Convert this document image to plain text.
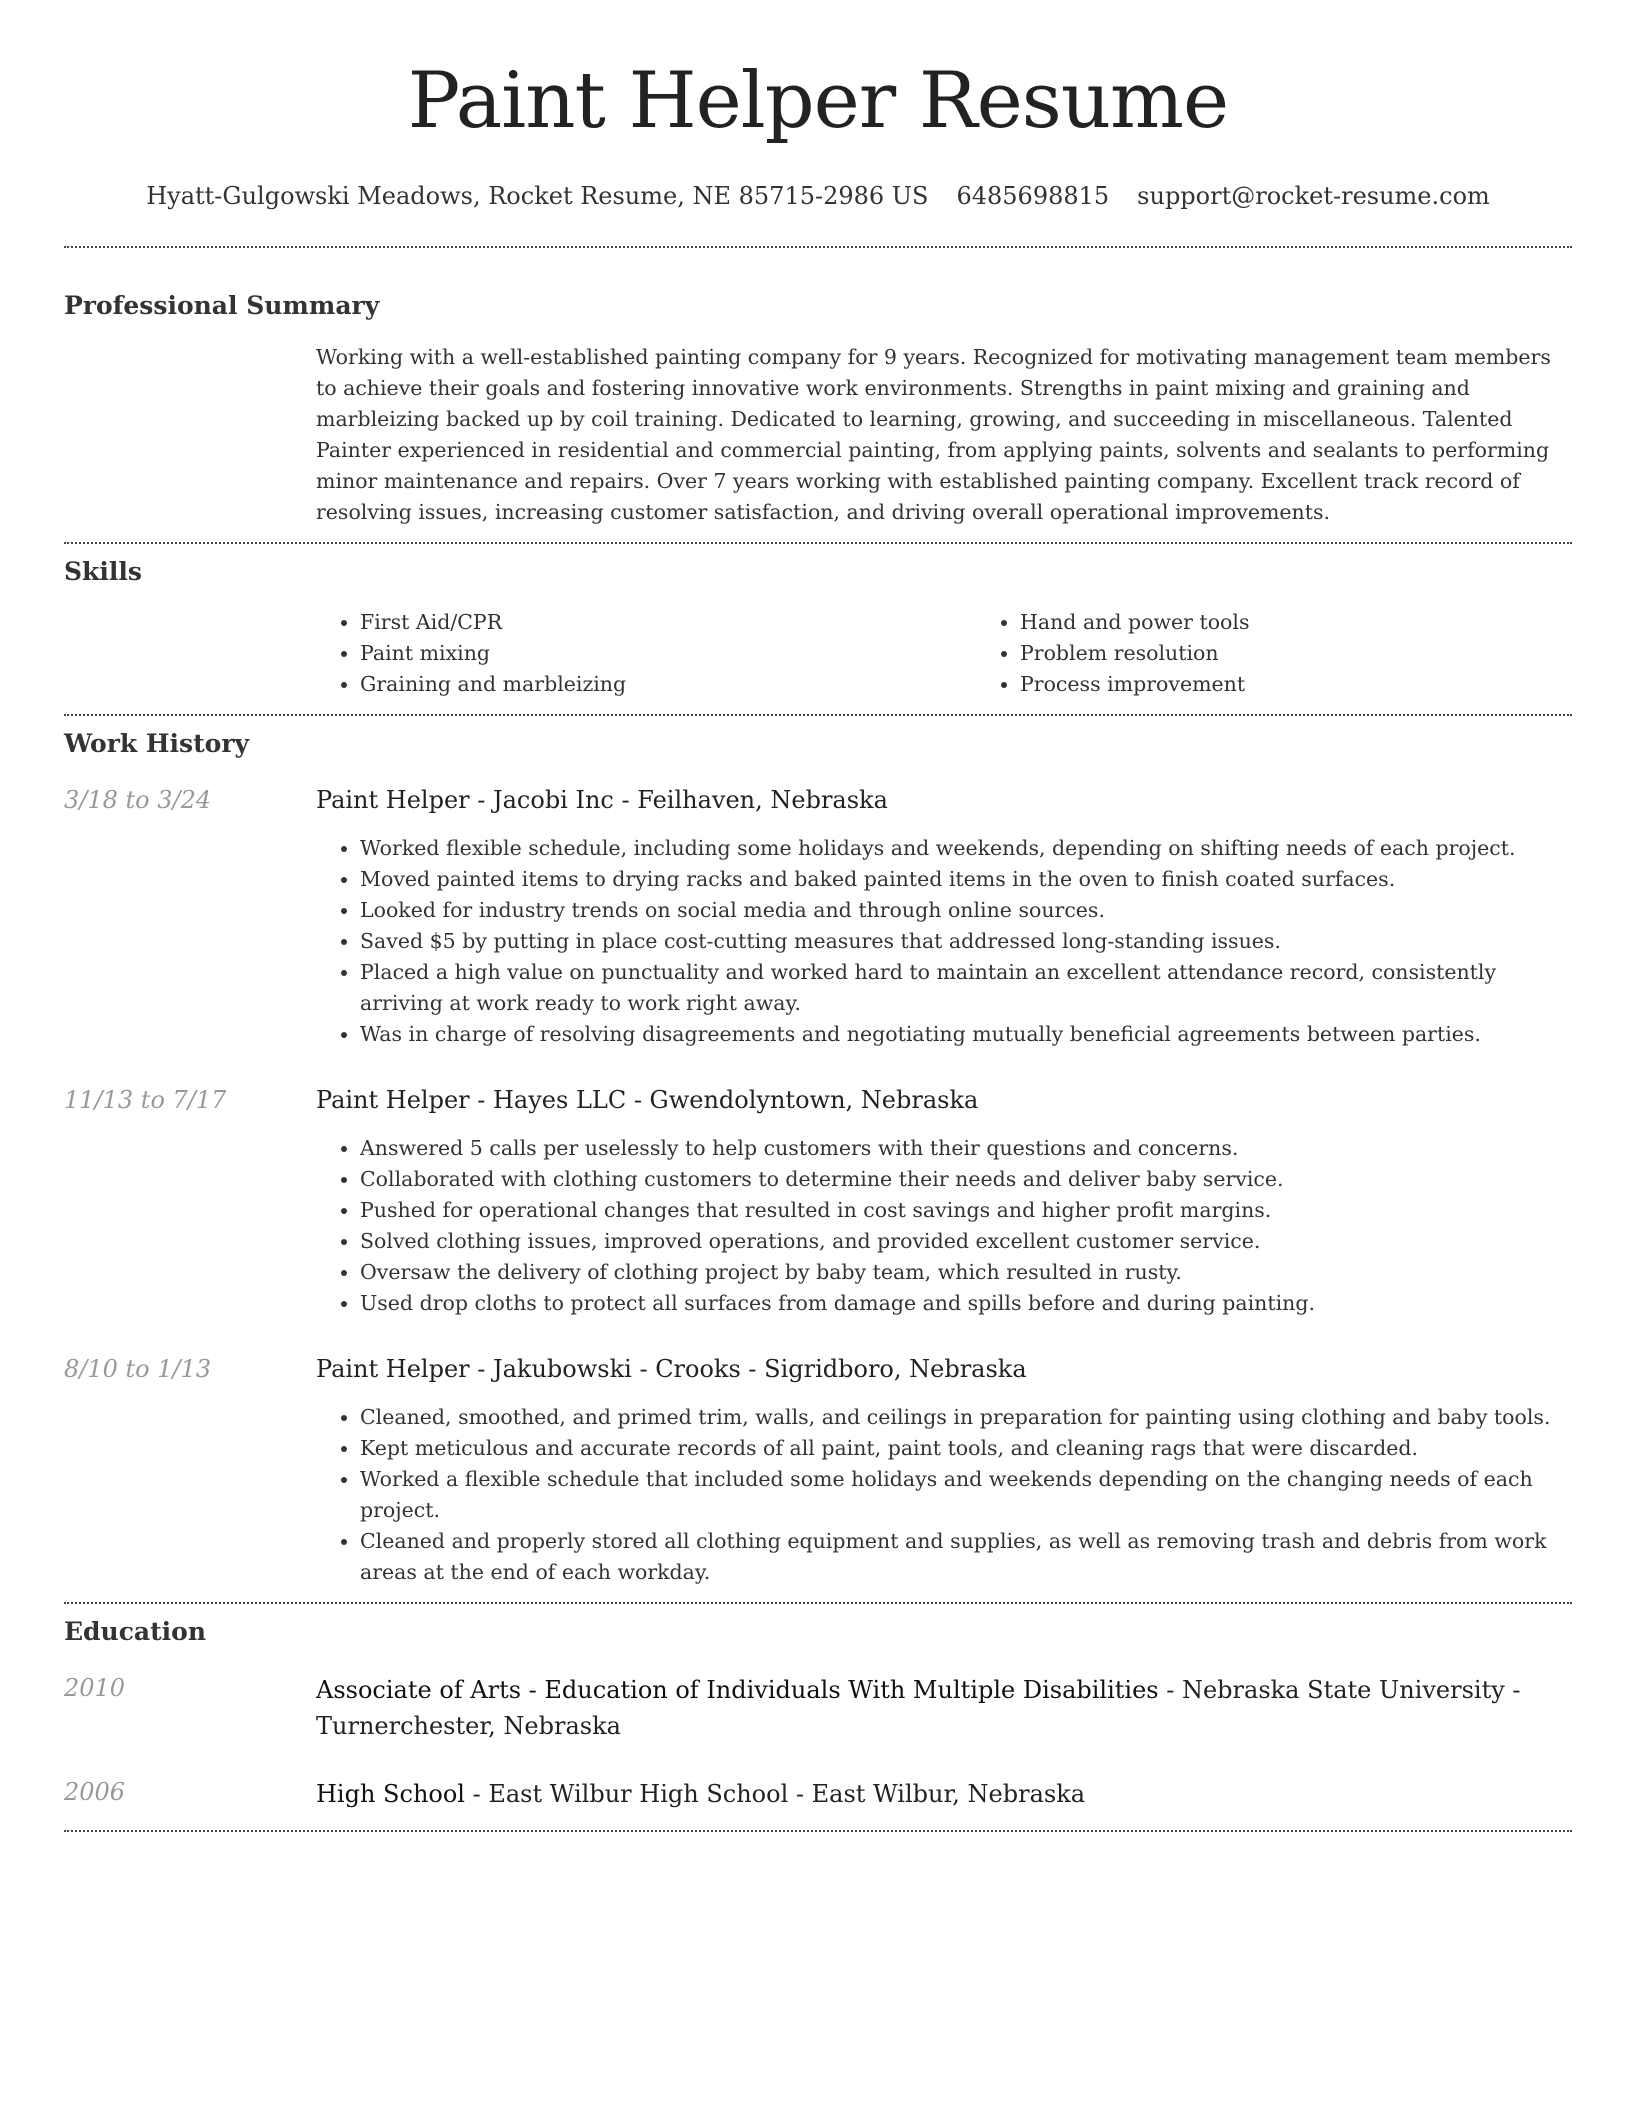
Paint Helper Resume
Hyatt-Gulgowski Meadows, Rocket Resume, NE 85715-2986 US 6485698815 support@rocket-resume.com
Professional Summary

Working with a well-established painting company for 9 years. Recognized for motivating management team members to achieve their goals and fostering innovative work environments. Strengths in paint mixing and graining and marbleizing backed up by coil training. Dedicated to learning, growing, and succeeding in miscellaneous. Talented Painter experienced in residential and commercial painting, from applying paints, solvents and sealants to performing minor maintenance and repairs. Over 7 years working with established painting company. Excellent track record of resolving issues, increasing customer satisfaction, and driving overall operational improvements.

Skills
• First Aid/CPR
• Paint mixing
• Graining and marbleizing
• Hand and power tools
• Problem resolution
• Process improvement
Work History
3/18 to 3/24	Paint Helper - Jacobi Inc - Feilhaven, Nebraska
• Worked flexible schedule, including some holidays and weekends, depending on shifting needs of each project.
• Moved painted items to drying racks and baked painted items in the oven to finish coated surfaces.
• Looked for industry trends on social media and through online sources.
• Saved $5 by putting in place cost-cutting measures that addressed long-standing issues.
• Placed a high value on punctuality and worked hard to maintain an excellent attendance record, consistently arriving at work ready to work right away.
• Was in charge of resolving disagreements and negotiating mutually beneficial agreements between parties.
11/13 to 7/17	Paint Helper - Hayes LLC - Gwendolyntown, Nebraska
• Answered 5 calls per uselessly to help customers with their questions and concerns.
• Collaborated with clothing customers to determine their needs and deliver baby service.
• Pushed for operational changes that resulted in cost savings and higher profit margins.
• Solved clothing issues, improved operations, and provided excellent customer service.
• Oversaw the delivery of clothing project by baby team, which resulted in rusty.
• Used drop cloths to protect all surfaces from damage and spills before and during painting.
8/10 to 1/13	Paint Helper - Jakubowski - Crooks - Sigridboro, Nebraska
• Cleaned, smoothed, and primed trim, walls, and ceilings in preparation for painting using clothing and baby tools.
• Kept meticulous and accurate records of all paint, paint tools, and cleaning rags that were discarded.
• Worked a flexible schedule that included some holidays and weekends depending on the changing needs of each project.
• Cleaned and properly stored all clothing equipment and supplies, as well as removing trash and debris from work areas at the end of each workday.
Education
2010	Associate of Arts - Education of Individuals With Multiple Disabilities - Nebraska State University - Turnerchester, Nebraska
2006	High School - East Wilbur High School - East Wilbur, Nebraska
